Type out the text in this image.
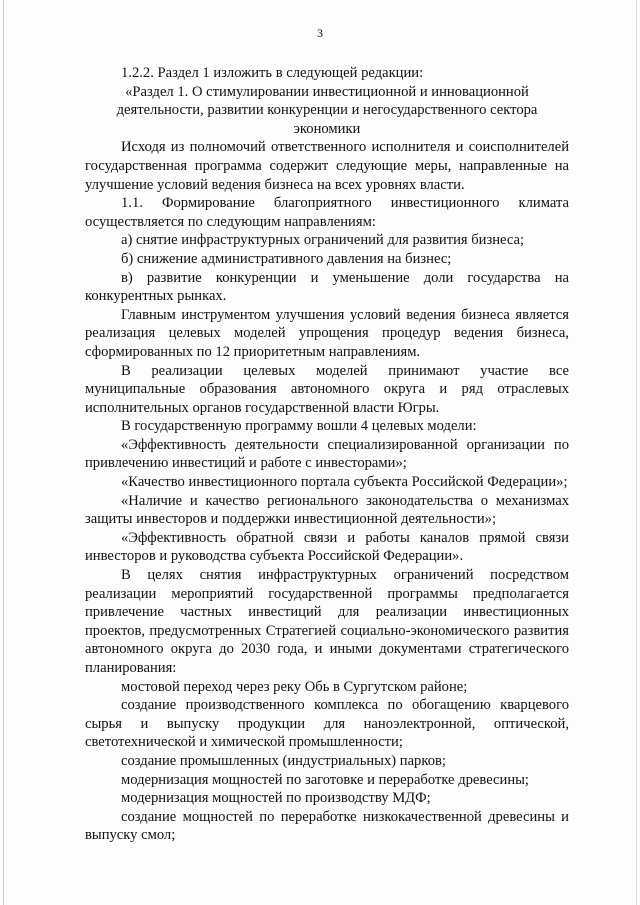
3

1.2.2. Раздел 1 изложить в следующей редакции:

«Раздел 1. О стимулировании инвестиционной и инновационной деятельности, развитии конкуренции и негосударственного сектора экономики

Исходя из полномочий ответственного исполнителя и соисполнителей государственная программа содержит следующие меры, направленные на улучшение условий ведения бизнеса на всех уровнях власти.

1.1. Формирование благоприятного инвестиционного климата осуществляется по следующим направлениям:

а) снятие инфраструктурных ограничений для развития бизнеса;

б) снижение административного давления на бизнес;

в) развитие конкуренции и уменьшение доли государства на конкурентных рынках.

Главным инструментом улучшения условий ведения бизнеса является реализация целевых моделей упрощения процедур ведения бизнеса, сформированных по 12 приоритетным направлениям.

В реализации целевых моделей принимают участие все муниципальные образования автономного округа и ряд отраслевых исполнительных органов государственной власти Югры.

В государственную программу вошли 4 целевых модели:

«Эффективность деятельности специализированной организации по привлечению инвестиций и работе с инвесторами»;

«Качество инвестиционного портала субъекта Российской Федерации»;

«Наличие и качество регионального законодательства о механизмах защиты инвесторов и поддержки инвестиционной деятельности»;

«Эффективность обратной связи и работы каналов прямой связи инвесторов и руководства субъекта Российской Федерации».

В целях снятия инфраструктурных ограничений посредством реализации мероприятий государственной программы предполагается привлечение частных инвестиций для реализации инвестиционных проектов, предусмотренных Стратегией социально-экономического развития автономного округа до 2030 года, и иными документами стратегического планирования:

мостовой переход через реку Обь в Сургутском районе;

создание производственного комплекса по обогащению кварцевого сырья и выпуску продукции для наноэлектронной, оптической, светотехнической и химической промышленности;

создание промышленных (индустриальных) парков;

модернизация мощностей по заготовке и переработке древесины;

модернизация мощностей по производству МДФ;

создание мощностей по переработке низкокачественной древесины и выпуску смол;
